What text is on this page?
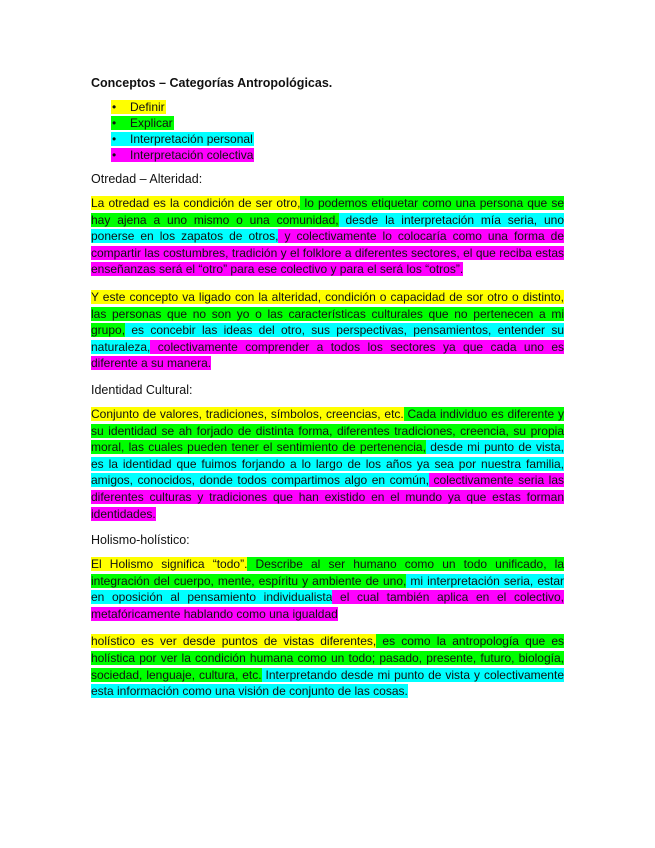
Conceptos – Categorías Antropológicas.
• Definir
• Explicar
• Interpretación personal
• Interpretación colectiva
Otredad – Alteridad:

La otredad es la condición de ser otro, lo podemos etiquetar como una persona que se hay ajena a uno mismo o una comunidad, desde la interpretación mía seria, uno ponerse en los zapatos de otros, y colectivamente lo colocaría como una forma de compartir las costumbres, tradición y el folklore a diferentes sectores, el que reciba estas enseñanzas será el “otro” para ese colectivo y para el será los “otros”.

Y este concepto va ligado con la alteridad, condición o capacidad de sor otro o distinto, las personas que no son yo o las características culturales que no pertenecen a mi grupo, es concebir las ideas del otro, sus perspectivas, pensamientos, entender su naturaleza, colectivamente comprender a todos los sectores ya que cada uno es diferente a su manera.

Identidad Cultural:

Conjunto de valores, tradiciones, símbolos, creencias, etc. Cada individuo es diferente y su identidad se ah forjado de distinta forma, diferentes tradiciones, creencia, su propia moral, las cuales pueden tener el sentimiento de pertenencia, desde mi punto de vista, es la identidad que fuimos forjando a lo largo de los años ya sea por nuestra familia, amigos, conocidos, donde todos compartimos algo en común, colectivamente seria las diferentes culturas y tradiciones que han existido en el mundo ya que estas forman identidades.

Holismo-holístico:

El Holismo significa “todo”. Describe al ser humano como un todo unificado, la integración del cuerpo, mente, espíritu y ambiente de uno, mi interpretación seria, estar en oposición al pensamiento individualista el cual también aplica en el colectivo, metafóricamente hablando como una igualdad

holístico es ver desde puntos de vistas diferentes, es como la antropología que es holística por ver la condición humana como un todo; pasado, presente, futuro, biología, sociedad, lenguaje, cultura, etc. Interpretando desde mi punto de vista y colectivamente esta información como una visión de conjunto de las cosas.
